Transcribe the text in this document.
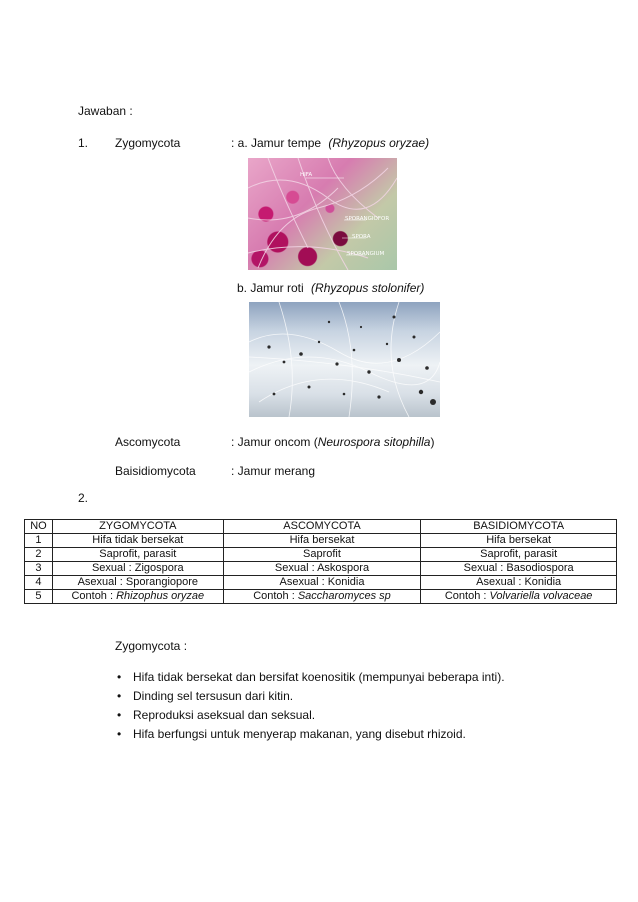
Jawaban :
1. Zygomycota	: a. Jamur tempe (Rhyzopus oryzae)
HIFA
SPORANGIOFOR
SPORA
SPORANGIUM
b. Jamur roti (Rhyzopus stolonifer)
Ascomycota	: Jamur oncom (Neurospora sitophilla)
Baisidiomycota	: Jamur merang
2.
NO	ZYGOMYCOTA	ASCOMYCOTA	BASIDIOMYCOTA
1	Hifa tidak bersekat	Hifa bersekat	Hifa bersekat
2	Saprofit, parasit	Saprofit	Saprofit, parasit
3	Sexual : Zigospora	Sexual : Askospora	Sexual : Basodiospora
4	Asexual : Sporangiopore	Asexual : Konidia	Asexual : Konidia
5	Contoh : Rhizophus oryzae	Contoh : Saccharomyces sp	Contoh : Volvariella volvaceae
Zygomycota :
• Hifa tidak bersekat dan bersifat koenositik (mempunyai beberapa inti).
• Dinding sel tersusun dari kitin.
• Reproduksi aseksual dan seksual.
• Hifa berfungsi untuk menyerap makanan, yang disebut rhizoid.
